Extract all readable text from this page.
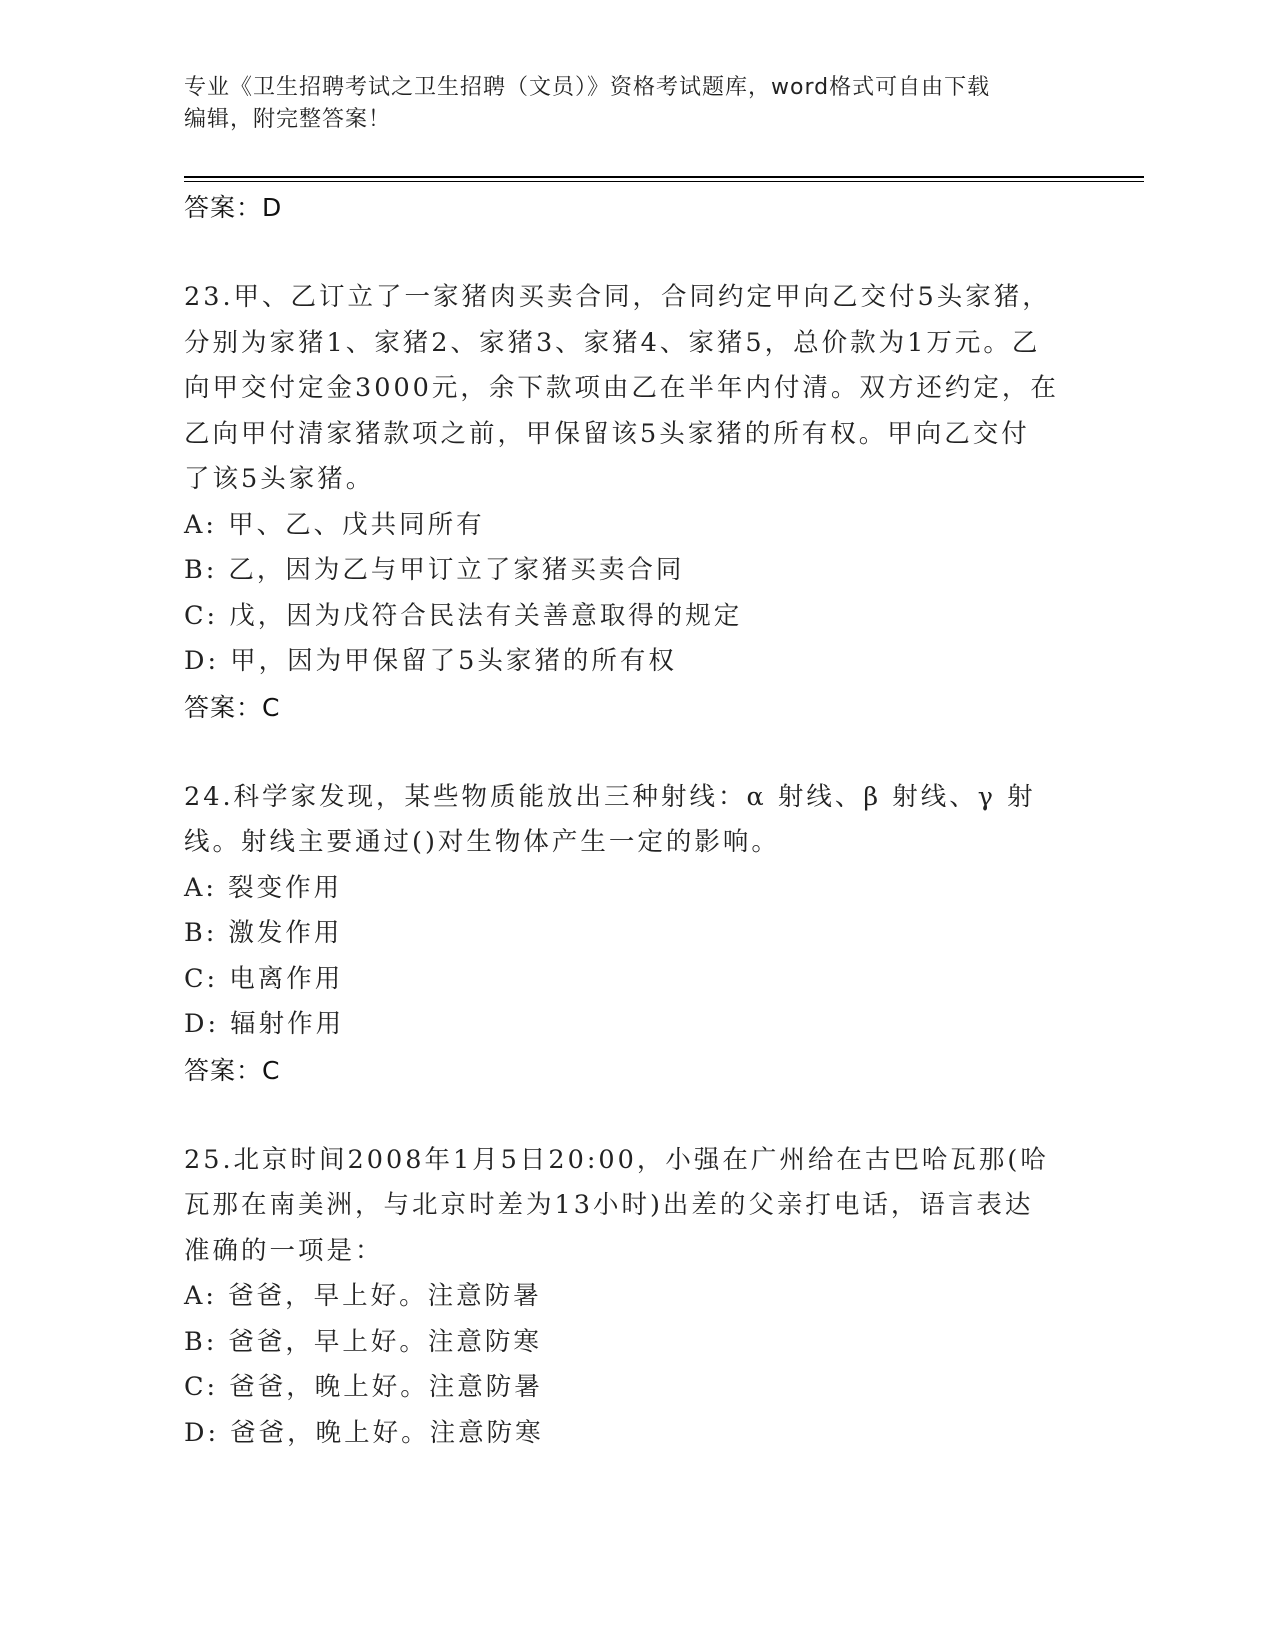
专业《卫生招聘考试之卫生招聘（文员）》资格考试题库，word格式可自由下载
编辑，附完整答案！
答案：D
23.甲、乙订立了一家猪肉买卖合同，合同约定甲向乙交付5头家猪，
分别为家猪1、家猪2、家猪3、家猪4、家猪5，总价款为1万元。乙
向甲交付定金3000元，余下款项由乙在半年内付清。双方还约定，在
乙向甲付清家猪款项之前，甲保留该5头家猪的所有权。甲向乙交付
了该5头家猪。
A: 甲、乙、戊共同所有
B: 乙，因为乙与甲订立了家猪买卖合同
C: 戊，因为戊符合民法有关善意取得的规定
D: 甲，因为甲保留了5头家猪的所有权
答案：C
24.科学家发现，某些物质能放出三种射线：α 射线、β 射线、γ 射
线。射线主要通过()对生物体产生一定的影响。
A: 裂变作用
B: 激发作用
C: 电离作用
D: 辐射作用
答案：C
25.北京时间2008年1月5日20:00，小强在广州给在古巴哈瓦那(哈
瓦那在南美洲，与北京时差为13小时)出差的父亲打电话，语言表达
准确的一项是：
A: 爸爸，早上好。注意防暑
B: 爸爸，早上好。注意防寒
C: 爸爸，晚上好。注意防暑
D: 爸爸，晚上好。注意防寒
